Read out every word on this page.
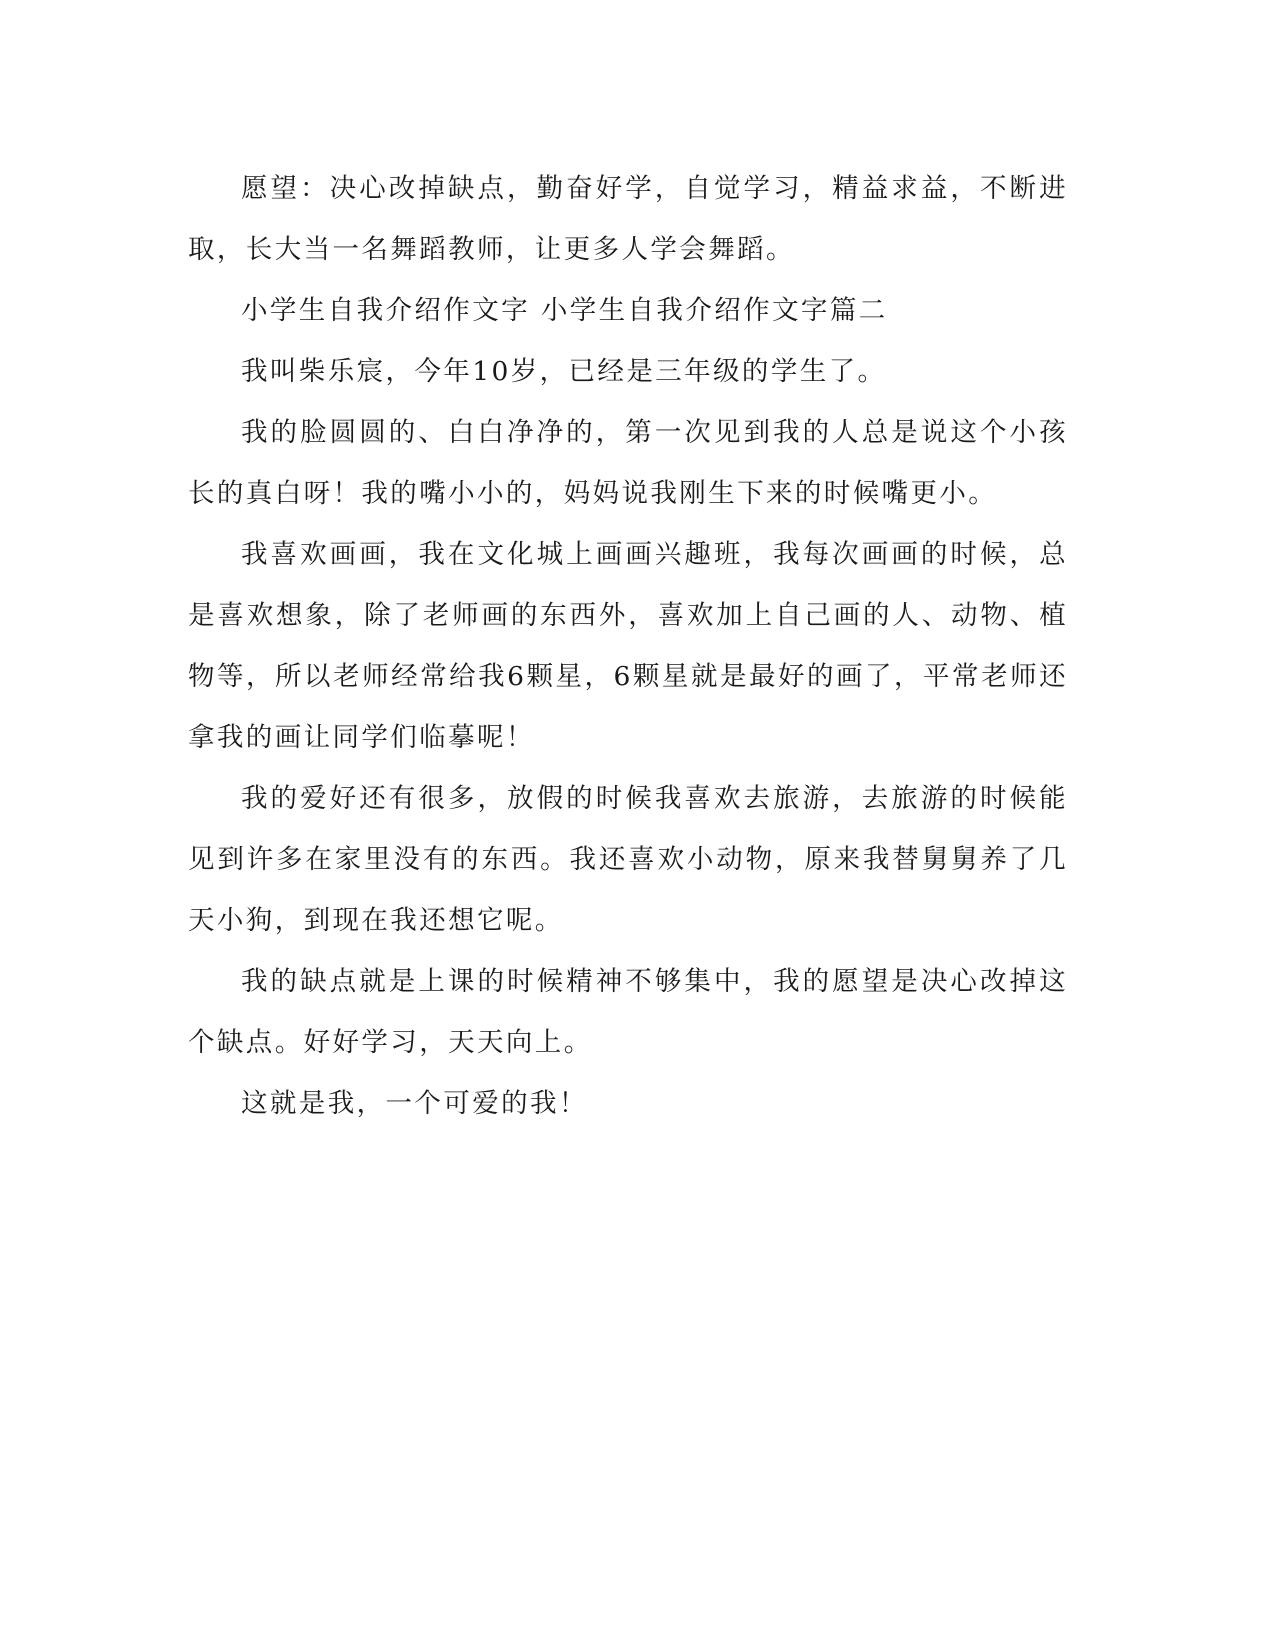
愿望：决心改掉缺点，勤奋好学，自觉学习，精益求益，不断进取，长大当一名舞蹈教师，让更多人学会舞蹈。

小学生自我介绍作文字 小学生自我介绍作文字篇二

我叫柴乐宸，今年10岁，已经是三年级的学生了。

我的脸圆圆的、白白净净的，第一次见到我的人总是说这个小孩长的真白呀！我的嘴小小的，妈妈说我刚生下来的时候嘴更小。

我喜欢画画，我在文化城上画画兴趣班，我每次画画的时候，总是喜欢想象，除了老师画的东西外，喜欢加上自己画的人、动物、植物等，所以老师经常给我6颗星，6颗星就是最好的画了，平常老师还拿我的画让同学们临摹呢！

我的爱好还有很多，放假的时候我喜欢去旅游，去旅游的时候能见到许多在家里没有的东西。我还喜欢小动物，原来我替舅舅养了几天小狗，到现在我还想它呢。

我的缺点就是上课的时候精神不够集中，我的愿望是决心改掉这个缺点。好好学习，天天向上。

这就是我，一个可爱的我！
